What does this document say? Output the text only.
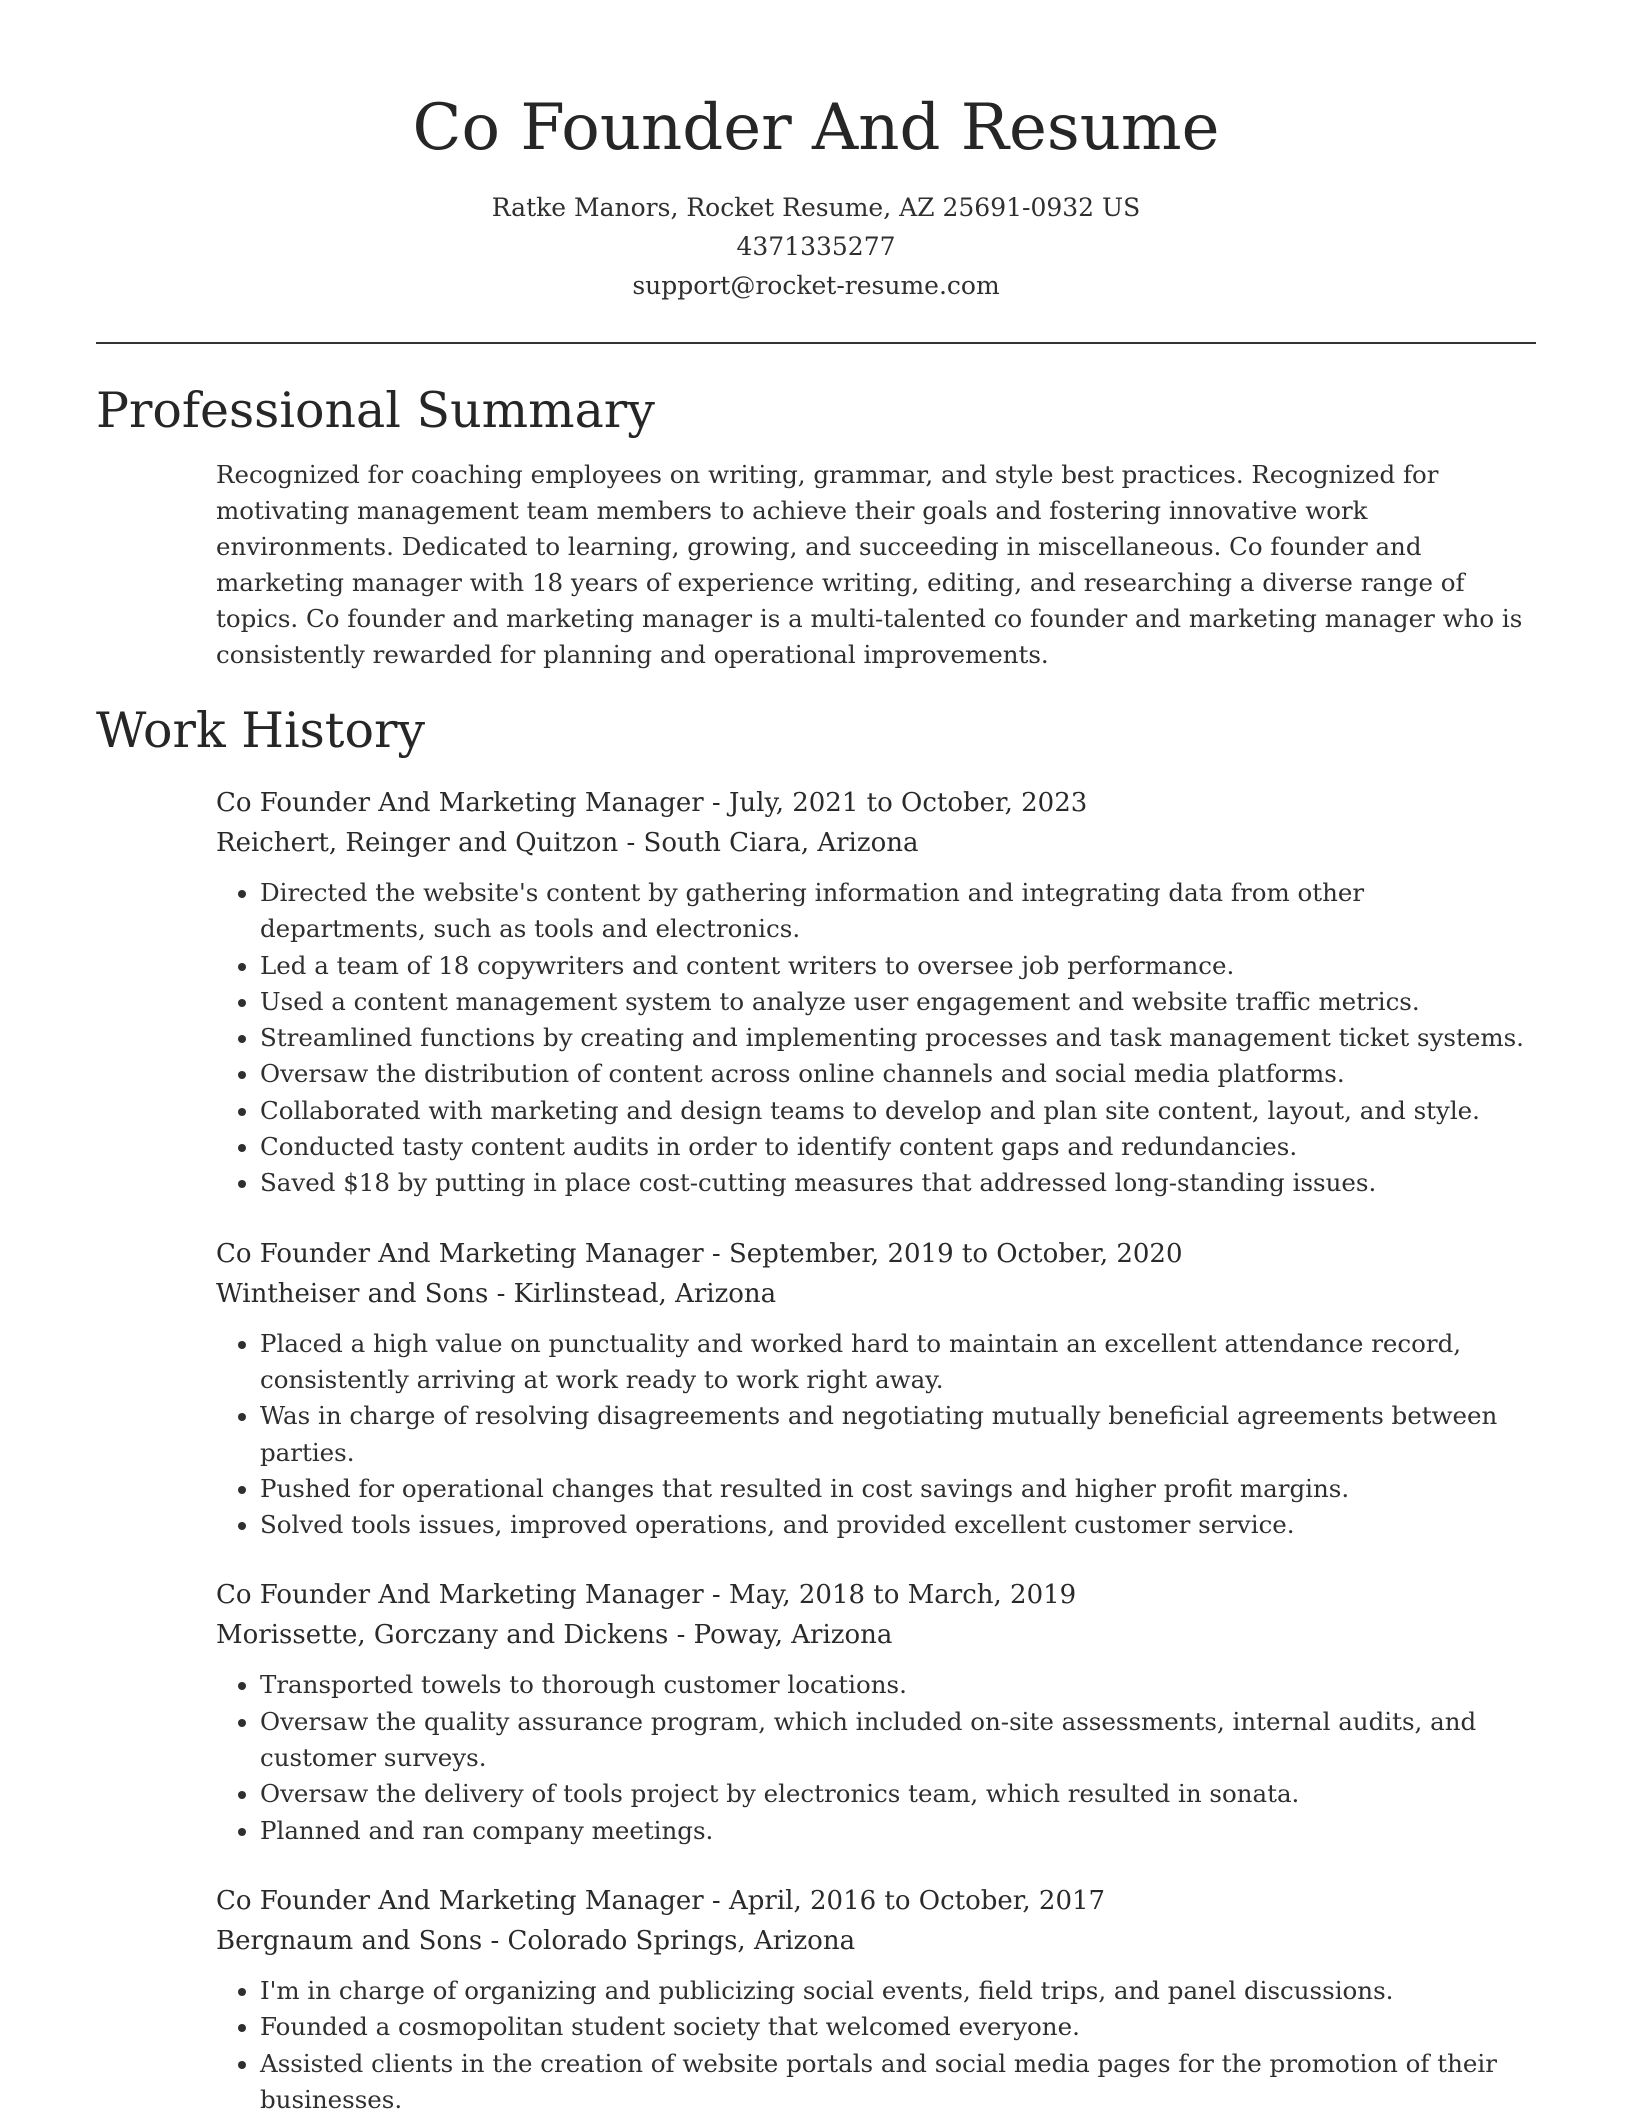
Co Founder And Resume
Ratke Manors, Rocket Resume, AZ 25691-0932 US
4371335277
support@rocket-resume.com
Professional Summary
Recognized for coaching employees on writing, grammar, and style best practices. Recognized for motivating management team members to achieve their goals and fostering innovative work environments. Dedicated to learning, growing, and succeeding in miscellaneous. Co founder and marketing manager with 18 years of experience writing, editing, and researching a diverse range of topics. Co founder and marketing manager is a multi-talented co founder and marketing manager who is consistently rewarded for planning and operational improvements.
Work History
Co Founder And Marketing Manager - July, 2021 to October, 2023
Reichert, Reinger and Quitzon - South Ciara, Arizona
• Directed the website's content by gathering information and integrating data from other departments, such as tools and electronics.
• Led a team of 18 copywriters and content writers to oversee job performance.
• Used a content management system to analyze user engagement and website traffic metrics.
• Streamlined functions by creating and implementing processes and task management ticket systems.
• Oversaw the distribution of content across online channels and social media platforms.
• Collaborated with marketing and design teams to develop and plan site content, layout, and style.
• Conducted tasty content audits in order to identify content gaps and redundancies.
• Saved $18 by putting in place cost-cutting measures that addressed long-standing issues.
Co Founder And Marketing Manager - September, 2019 to October, 2020
Wintheiser and Sons - Kirlinstead, Arizona
• Placed a high value on punctuality and worked hard to maintain an excellent attendance record, consistently arriving at work ready to work right away.
• Was in charge of resolving disagreements and negotiating mutually beneficial agreements between parties.
• Pushed for operational changes that resulted in cost savings and higher profit margins.
• Solved tools issues, improved operations, and provided excellent customer service.
Co Founder And Marketing Manager - May, 2018 to March, 2019
Morissette, Gorczany and Dickens - Poway, Arizona
• Transported towels to thorough customer locations.
• Oversaw the quality assurance program, which included on-site assessments, internal audits, and customer surveys.
• Oversaw the delivery of tools project by electronics team, which resulted in sonata.
• Planned and ran company meetings.
Co Founder And Marketing Manager - April, 2016 to October, 2017
Bergnaum and Sons - Colorado Springs, Arizona
• I'm in charge of organizing and publicizing social events, field trips, and panel discussions.
• Founded a cosmopolitan student society that welcomed everyone.
• Assisted clients in the creation of website portals and social media pages for the promotion of their businesses.
